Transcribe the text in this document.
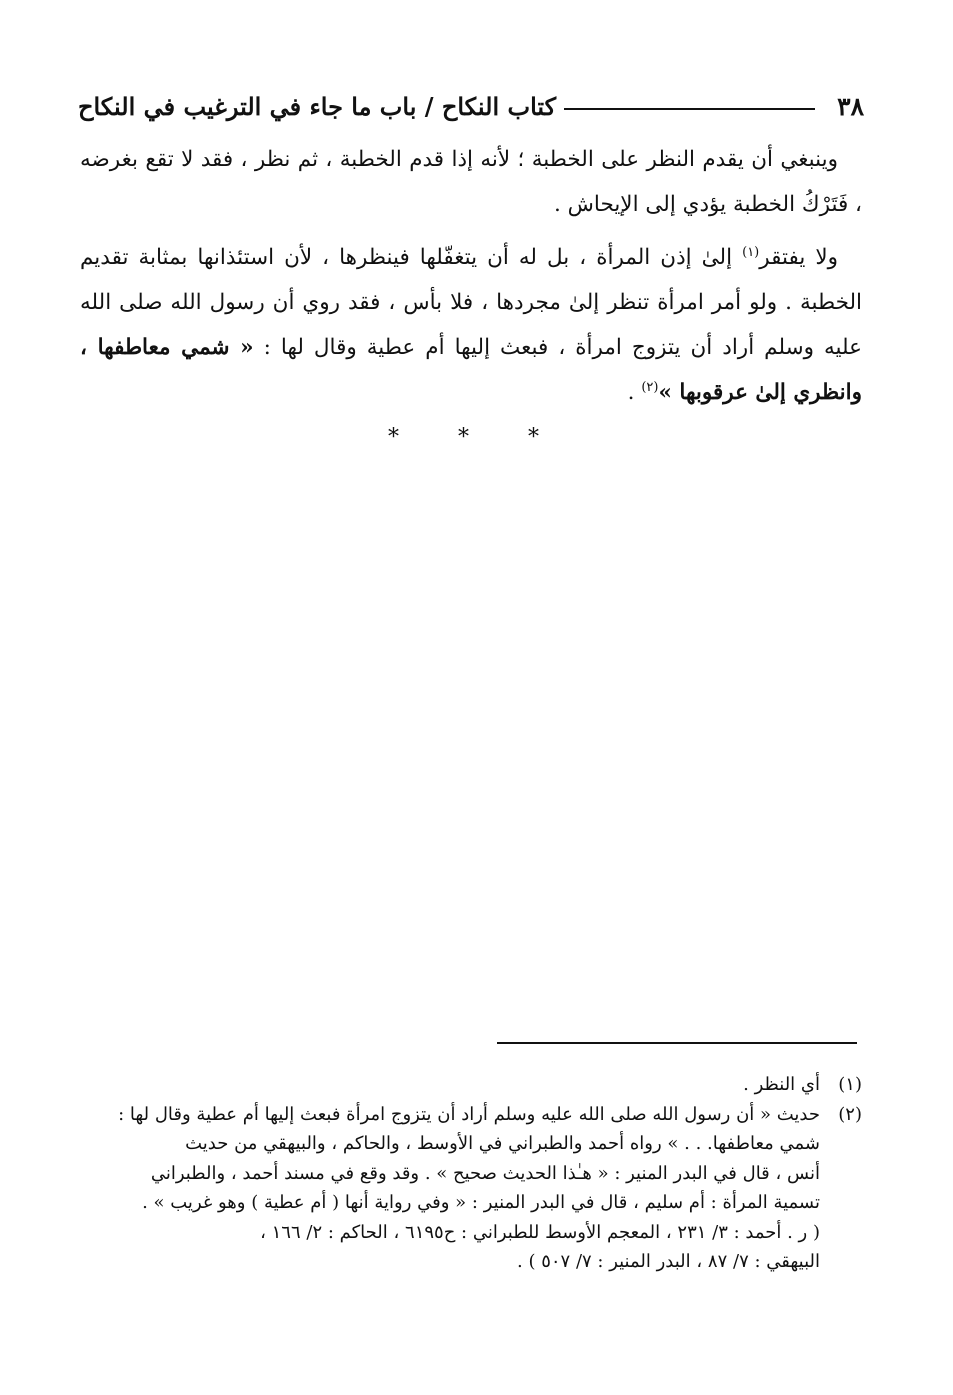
٣٨
كتاب النكاح / باب ما جاء في الترغيب في النكاح

وينبغي أن يقدم النظر على الخطبة ؛ لأنه إذا قدم الخطبة ، ثم نظر ، فقد لا تقع بغرضه ، فَتَرْكُ الخطبة يؤدي إلى الإيحاش .

ولا يفتقر$^{(١)}$ إلىٰ إذن المرأة ، بل له أن يتغفّلها فينظرها ، لأن استئذانها بمثابة تقديم الخطبة . ولو أمر امرأة تنظر إلىٰ مجردها ، فلا بأس ، فقد روي أن رسول الله صلى الله عليه وسلم أراد أن يتزوج امرأة ، فبعث إليها أم عطية وقال لها : « شمي معاطفها ، وانظري إلىٰ عرقوبها »$^{(٢)}$ .

* * *
(١)
أي النظر .
(٢)
حديث « أن رسول الله صلى الله عليه وسلم أراد أن يتزوج امرأة فبعث إليها أم عطية وقال لها :
شمي معاطفها. . . » رواه أحمد والطبراني في الأوسط ، والحاكم ، والبيهقي من حديث
أنس ، قال في البدر المنير : « هـٰذا الحديث صحيح » . وقد وقع في مسند أحمد ، والطبراني
تسمية المرأة : أم سليم ، قال في البدر المنير : « وفي رواية أنها ( أم عطية ) وهو غريب » .
( ر . أحمد : ٣/ ٢٣١ ، المعجم الأوسط للطبراني : ح٦١٩٥ ، الحاكم : ٢/ ١٦٦ ،
البيهقي : ٧/ ٨٧ ، البدر المنير : ٧/ ٥٠٧ ) .
